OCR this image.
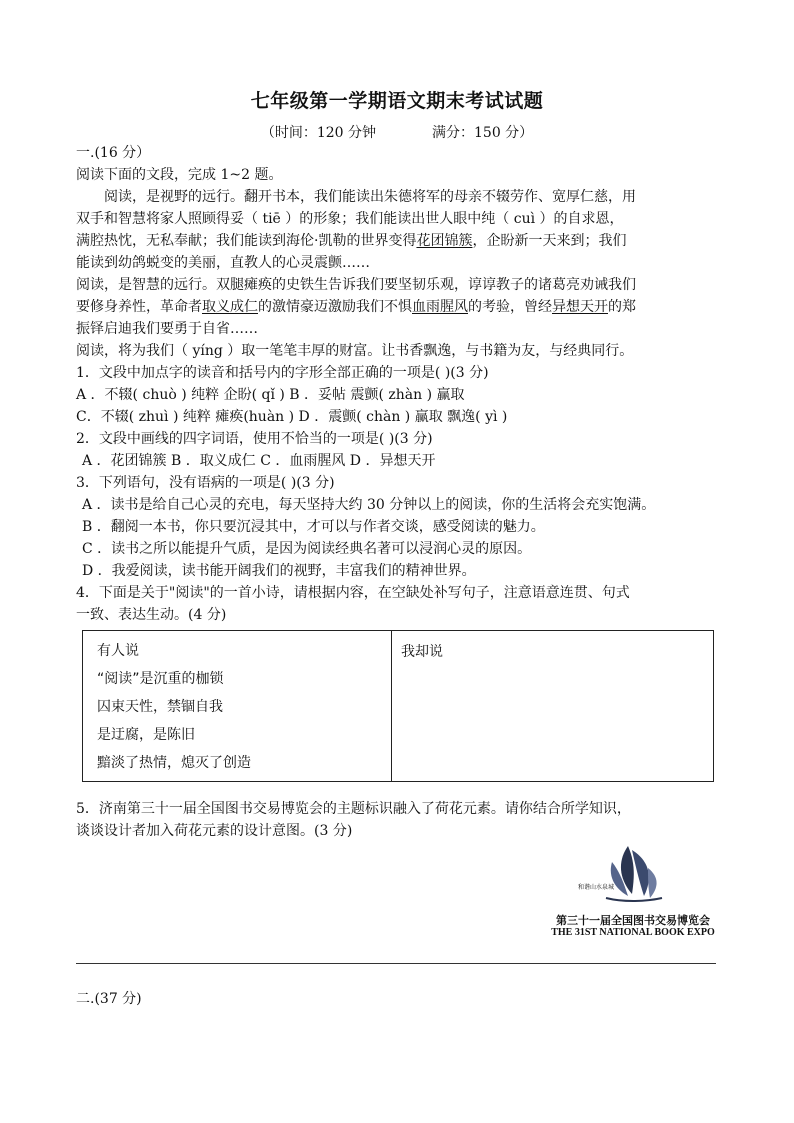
七年级第一学期语文期末考试试题
（时间：120 分钟	满分：150 分）
一.(16 分）
阅读下面的文段，完成 1~2 题。
阅读，是视野的远行。翻开书本，我们能读出朱德将军的母亲不辍劳作、宽厚仁慈，用
双手和智慧将家人照顾得妥（ tiē ）的形象；我们能读出世人眼中纯（ cuì ）的自求恩，
满腔热忱，无私奉献；我们能读到海伦·凯勒的世界变得花团锦簇，企盼新一天来到；我们
能读到幼鸽蜕变的美丽，直教人的心灵震颤……
阅读，是智慧的远行。双腿瘫痪的史铁生告诉我们要坚韧乐观，谆谆教子的诸葛亮劝诫我们
要修身养性，革命者取义成仁的激情豪迈激励我们不惧血雨腥风的考验，曾经异想天开的郑
振铎启迪我们要勇于自省……
阅读，将为我们（ yíng ）取一笔笔丰厚的财富。让书香飘逸，与书籍为友，与经典同行。
1．文段中加点字的读音和括号内的字形全部正确的一项是( )(3 分)
A ．不辍( chuò ) 纯粹 企盼( qǐ ) B ．妥帖 震颤( zhàn ) 赢取
C．不辍( zhuì ) 纯粹 瘫痪(huàn ) D ．震颤( chàn ) 赢取 飘逸( yì )
2．文段中画线的四字词语，使用不恰当的一项是( )(3 分)
A ．花团锦簇 B ．取义成仁 C ．血雨腥风 D ．异想天开
3．下列语句，没有语病的一项是( )(3 分)
A ．读书是给自己心灵的充电，每天坚持大约 30 分钟以上的阅读，你的生活将会充实饱满。
B ．翻阅一本书，你只要沉浸其中，才可以与作者交谈，感受阅读的魅力。
C ．读书之所以能提升气质，是因为阅读经典名著可以浸润心灵的原因。
D ．我爱阅读，读书能开阔我们的视野，丰富我们的精神世界。
4．下面是关于"阅读"的一首小诗，请根据内容，在空缺处补写句子，注意语意连贯、句式
一致、表达生动。(4 分)
有人说
“阅读”是沉重的枷锁
囚束天性，禁锢自我
是迂腐，是陈旧
黯淡了热情，熄灭了创造
我却说
5．济南第三十一届全国图书交易博览会的主题标识融入了荷花元素。请你结合所学知识，
谈谈设计者加入荷花元素的设计意图。(3 分)
和谐山水泉城
第三十一届全国图书交易博览会
THE 31ST NATIONAL BOOK EXPO
二.(37 分)
